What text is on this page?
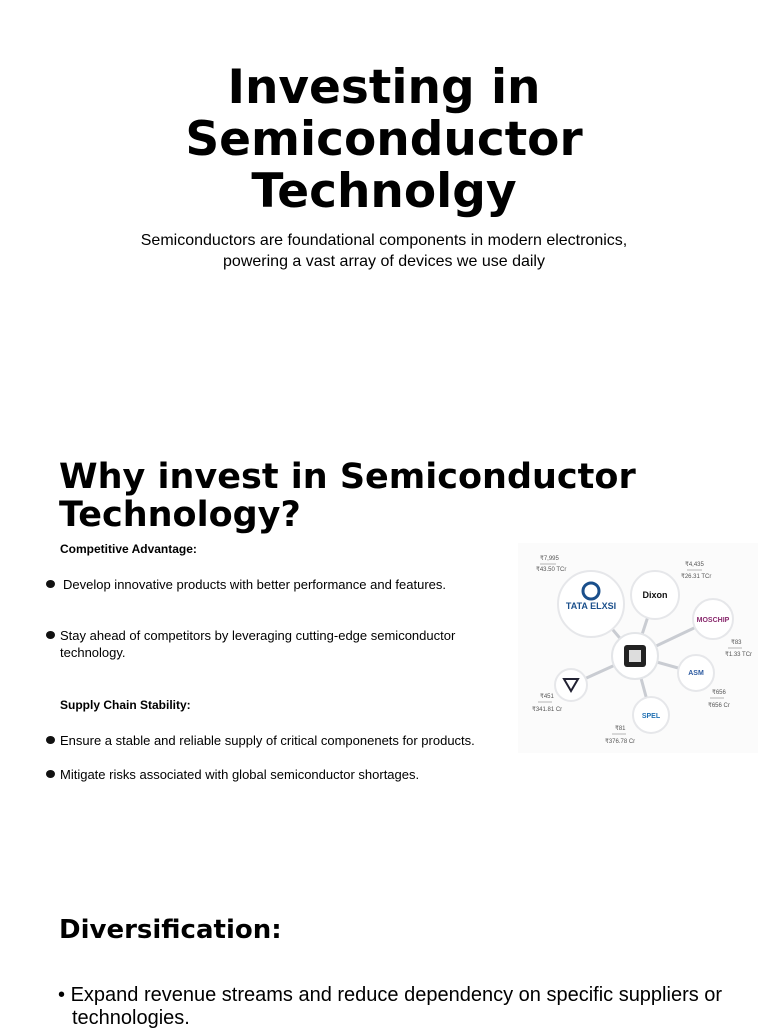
Investing in
Semiconductor
Technolgy

Semiconductors are foundational components in modern electronics,
powering a vast array of devices we use daily

Why invest in Semiconductor
Technology?

Competitive Advantage:

Develop innovative products with better performance and features.
Stay ahead of competitors by leveraging cutting-edge semiconductor technology.

Supply Chain Stability:

Ensure a stable and reliable supply of critical componenets for products.
Mitigate risks associated with global semiconductor shortages.
TATA ELXSI
Dixon
MOSCHIP
ASM
SPEL
₹7,995
₹43.50 TCr
₹4,435
₹26.31 TCr
₹83
₹1.33 TCr
₹656
₹656 Cr
₹81
₹376.78 Cr
₹451
₹341.81 Cr
Diversification:
• Expand revenue streams and reduce dependency on specific suppliers or technologies.
